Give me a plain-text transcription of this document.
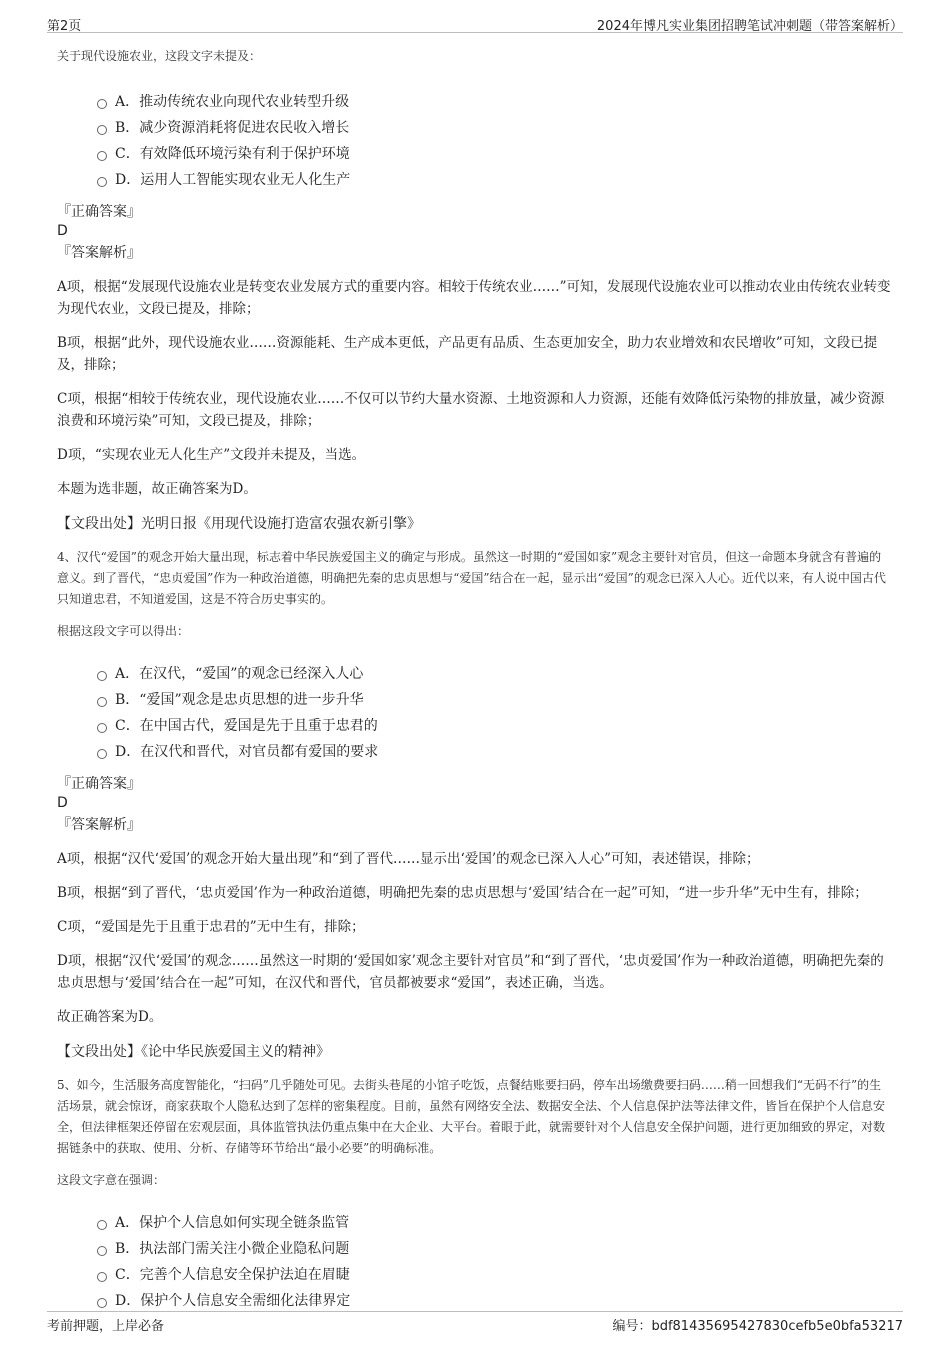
第2页	2024年博凡实业集团招聘笔试冲刺题（带答案解析）
关于现代设施农业，这段文字未提及：
A．推动传统农业向现代农业转型升级
B．减少资源消耗将促进农民收入增长
C．有效降低环境污染有利于保护环境
D．运用人工智能实现农业无人化生产
『正确答案』
D
『答案解析』
A项，根据“发展现代设施农业是转变农业发展方式的重要内容。相较于传统农业……”可知，发展现代设施农业可以推动农业由传统农业转变为现代农业，文段已提及，排除；
B项，根据“此外，现代设施农业……资源能耗、生产成本更低，产品更有品质、生态更加安全，助力农业增效和农民增收”可知，文段已提及，排除；
C项，根据“相较于传统农业，现代设施农业……不仅可以节约大量水资源、土地资源和人力资源，还能有效降低污染物的排放量，减少资源浪费和环境污染”可知，文段已提及，排除；
D项，“实现农业无人化生产”文段并未提及，当选。
本题为选非题，故正确答案为D。
【文段出处】光明日报《用现代设施打造富农强农新引擎》
4、汉代“爱国”的观念开始大量出现，标志着中华民族爱国主义的确定与形成。虽然这一时期的“爱国如家”观念主要针对官员，但这一命题本身就含有普遍的意义。到了晋代，“忠贞爱国”作为一种政治道德，明确把先秦的忠贞思想与“爱国”结合在一起，显示出“爱国”的观念已深入人心。近代以来，有人说中国古代只知道忠君，不知道爱国，这是不符合历史事实的。
根据这段文字可以得出：
A．在汉代，“爱国”的观念已经深入人心
B．“爱国”观念是忠贞思想的进一步升华
C．在中国古代，爱国是先于且重于忠君的
D．在汉代和晋代，对官员都有爱国的要求
『正确答案』
D
『答案解析』
A项，根据“汉代‘爱国’的观念开始大量出现”和“到了晋代……显示出‘爱国’的观念已深入人心”可知，表述错误，排除；
B项，根据“到了晋代，‘忠贞爱国’作为一种政治道德，明确把先秦的忠贞思想与‘爱国’结合在一起”可知，“进一步升华”无中生有，排除；
C项，“爱国是先于且重于忠君的”无中生有，排除；
D项，根据“汉代‘爱国’的观念……虽然这一时期的‘爱国如家’观念主要针对官员”和“到了晋代，‘忠贞爱国’作为一种政治道德，明确把先秦的忠贞思想与‘爱国’结合在一起”可知，在汉代和晋代，官员都被要求“爱国”，表述正确，当选。
故正确答案为D。
【文段出处】《论中华民族爱国主义的精神》
5、如今，生活服务高度智能化，“扫码”几乎随处可见。去街头巷尾的小馆子吃饭，点餐结账要扫码，停车出场缴费要扫码……稍一回想我们“无码不行”的生活场景，就会惊讶，商家获取个人隐私达到了怎样的密集程度。目前，虽然有网络安全法、数据安全法、个人信息保护法等法律文件，皆旨在保护个人信息安全，但法律框架还停留在宏观层面，具体监管执法仍重点集中在大企业、大平台。着眼于此，就需要针对个人信息安全保护问题，进行更加细致的界定，对数据链条中的获取、使用、分析、存储等环节给出“最小必要”的明确标准。
这段文字意在强调：
A．保护个人信息如何实现全链条监管
B．执法部门需关注小微企业隐私问题
C．完善个人信息安全保护法迫在眉睫
D．保护个人信息安全需细化法律界定
考前押题，上岸必备	编号：bdf81435695427830cefb5e0bfa53217
